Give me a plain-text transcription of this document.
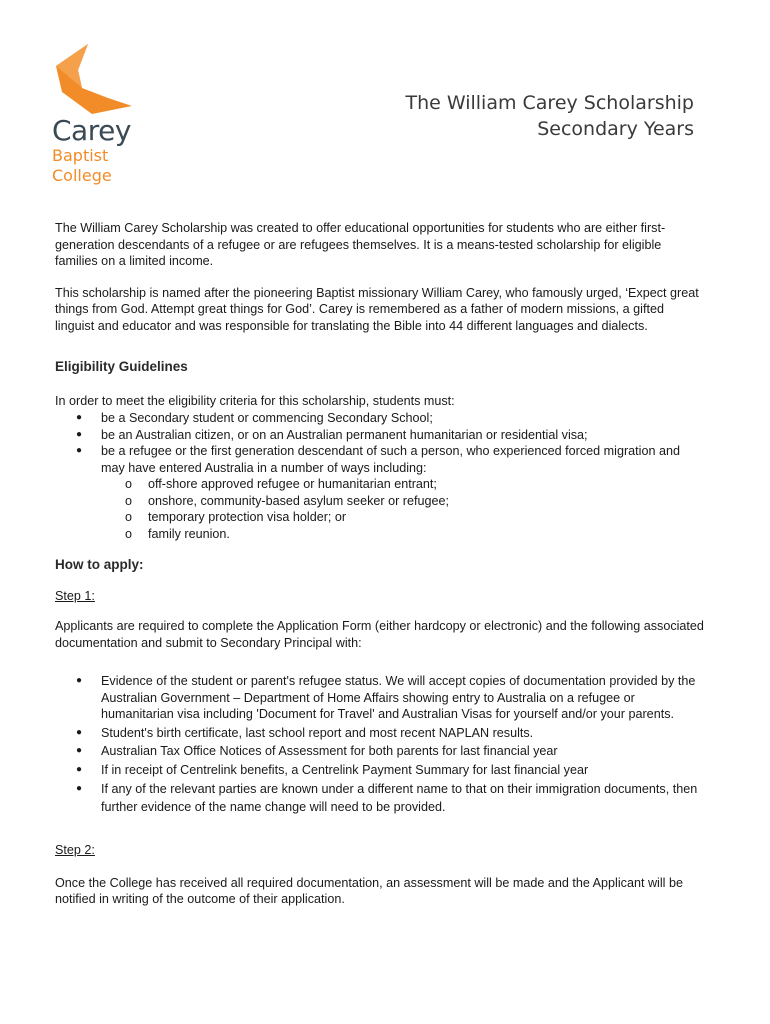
Carey
Baptist
College
The William Carey Scholarship
Secondary Years

The William Carey Scholarship was created to offer educational opportunities for students who are either first-generation descendants of a refugee or are refugees themselves. It is a means-tested scholarship for eligible families on a limited income.

This scholarship is named after the pioneering Baptist missionary William Carey, who famously urged, ‘Expect great things from God. Attempt great things for God’. Carey is remembered as a father of modern missions, a gifted linguist and educator and was responsible for translating the Bible into 44 different languages and dialects.

Eligibility Guidelines

In order to meet the eligibility criteria for this scholarship, students must:

● be a Secondary student or commencing Secondary School;
● be an Australian citizen, or on an Australian permanent humanitarian or residential visa;
● be a refugee or the first generation descendant of such a person, who experienced forced migration and may have entered Australia in a number of ways including:
o off-shore approved refugee or humanitarian entrant;
o onshore, community-based asylum seeker or refugee;
o temporary protection visa holder; or
o family reunion.
How to apply:

Step 1:

Applicants are required to complete the Application Form (either hardcopy or electronic) and the following associated documentation and submit to Secondary Principal with:

● Evidence of the student or parent's refugee status. We will accept copies of documentation provided by the Australian Government – Department of Home Affairs showing entry to Australia on a refugee or humanitarian visa including 'Document for Travel' and Australian Visas for yourself and/or your parents.
● Student's birth certificate, last school report and most recent NAPLAN results.
● Australian Tax Office Notices of Assessment for both parents for last financial year
● If in receipt of Centrelink benefits, a Centrelink Payment Summary for last financial year
● If any of the relevant parties are known under a different name to that on their immigration documents, then further evidence of the name change will need to be provided.

Step 2:

Once the College has received all required documentation, an assessment will be made and the Applicant will be notified in writing of the outcome of their application.
